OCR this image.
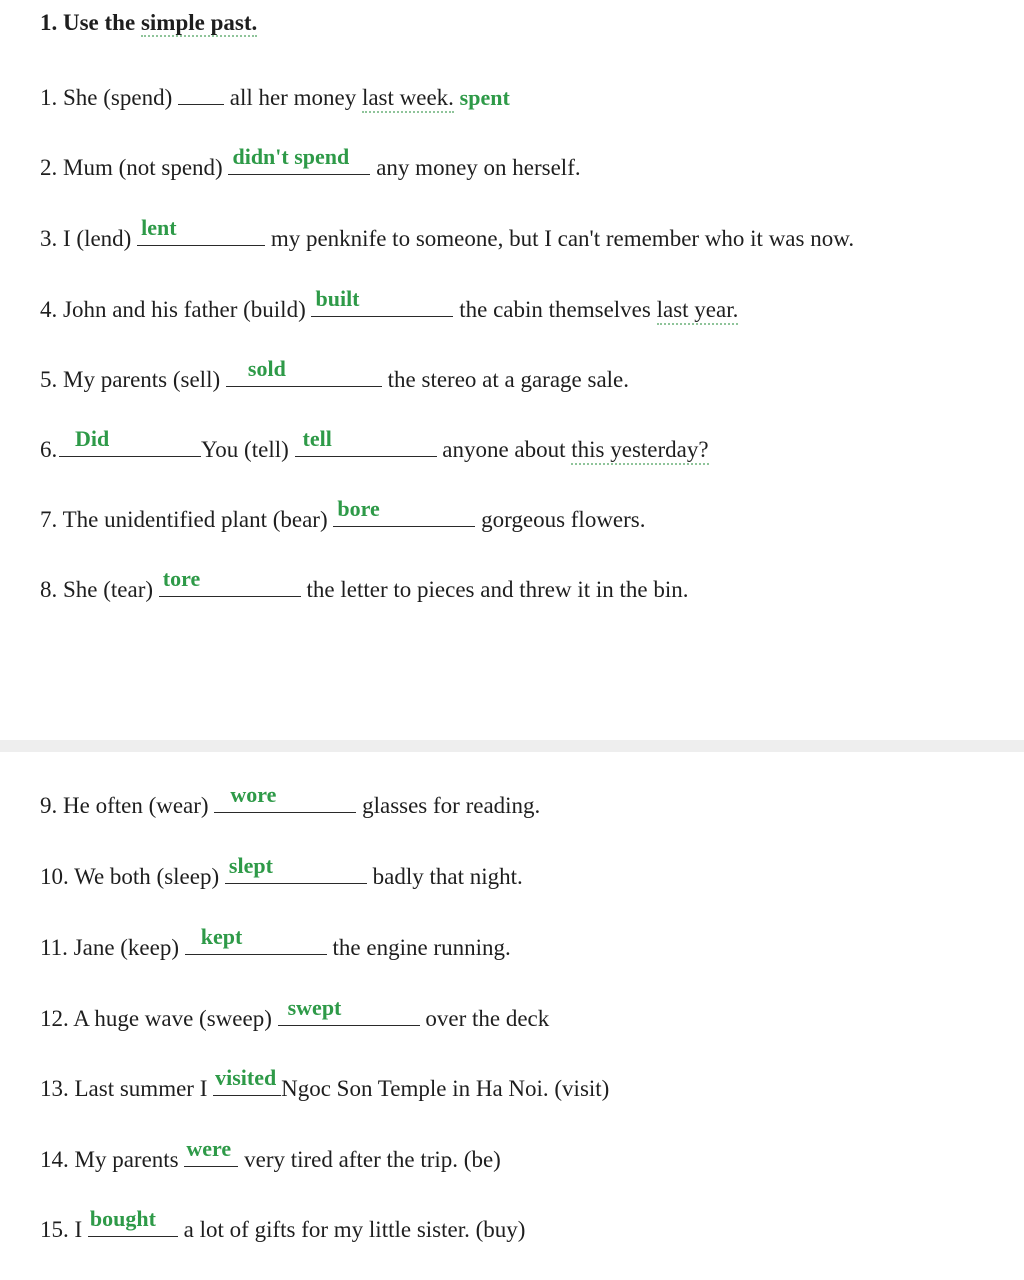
1. Use the simple past.
1. She (spend)	all her money last week. spent
2. Mum (not spend) didn't spend any money on herself.
3. I (lend) lent	my penknife to someone, but I can't remember who it was now.
4. John and his father (build) built	the cabin themselves last year.
5. My parents (sell) sold	the stereo at a garage sale.
6. Did	You (tell) tell	anyone about this yesterday?
7. The unidentified plant (bear) bore	gorgeous flowers.
8. She (tear) tore	the letter to pieces and threw it in the bin.
9. He often (wear) wore	glasses for reading.
10. We both (sleep) slept	badly that night.
11. Jane (keep) kept	the engine running.
12. A huge wave (sweep) swept	over the deck
13. Last summer I visited Ngoc Son Temple in Ha Noi. (visit)
14. My parents were very tired after the trip. (be)
15. I bought a lot of gifts for my little sister. (buy)
